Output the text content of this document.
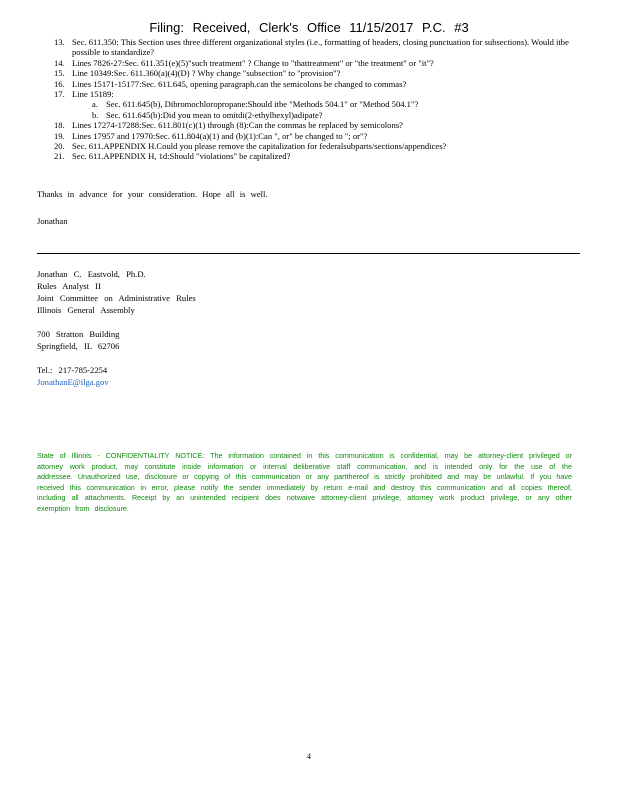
Filing: Received, Clerk's Office 11/15/2017 P.C. #3
13. Sec. 611.350: This Section uses three different organizational styles (i.e., formatting of headers, closing punctuation for subsections). Would itbe possible to standardize?
14. Lines 7826-27:Sec. 611.351(e)(5)"such treatment" ? Change to "thattreatment" or "the treatment" or "it"?
15. Line 10349:Sec. 611.360(a)(4)(D) ? Why change "subsection" to "provision"?
16. Lines 15171-15177:Sec. 611.645, opening paragraph.can the semicolons be changed to commas?
17. Line 15189:
a. Sec. 611.645(b), Dibromochloropropane:Should itbe "Methods 504.1" or "Method 504.1"?
b. Sec. 611.645(b):Did you mean to omitdi(2-ethylhexyl)adipate?
18. Lines 17274-17288:Sec. 611.801(c)(1) through (8):Can the commas be replaced by semicolons?
19. Lines 17957 and 17970:Sec. 611.804(a)(1) and (b)(1):Can ", or" be changed to "; or"?
20. Sec. 611.APPENDIX H.Could you please remove the capitalization for federalsubparts/sections/appendices?
21. Sec. 611.APPENDIX H, 1d:Should "violations" be capitalized?
Thanks in advance for your consideration. Hope all is well.
Jonathan
Jonathan C. Eastvold, Ph.D.
Rules Analyst II
Joint Committee on Administrative Rules
Illinois General Assembly
700 Stratton Building
Springfield, IL 62706
Tel.: 217-785-2254
JonathanE@ilga.gov
State of Illinois - CONFIDENTIALITY NOTICE: The information contained in this communication is confidential, may be attorney-client privileged or attorney work product, may constitute inside information or internal deliberative staff communication, and is intended only for the use of the addressee. Unauthorized use, disclosure or copying of this communication or any partthereof is strictly prohibited and may be unlawful. If you have received this communication in error, please notify the sender immediately by return e-mail and destroy this communication and all copies thereof, including all attachments. Receipt by an unintended recipient does notwaive attorney-client privilege, attorney work product privilege, or any other exemption from disclosure.
4
